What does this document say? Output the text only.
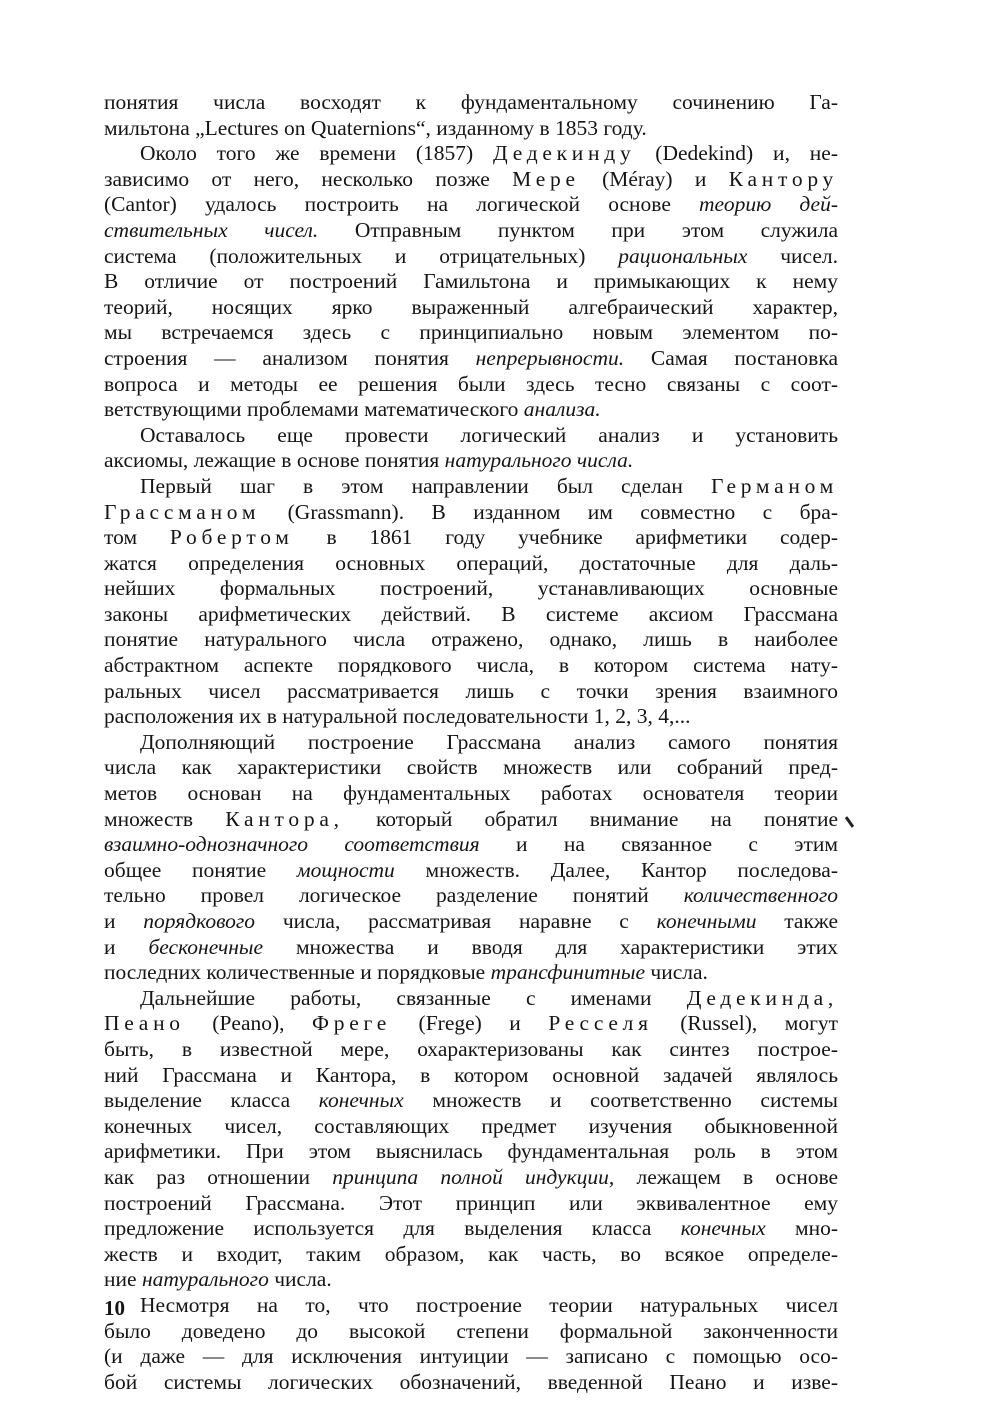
понятия числа восходят к фундаментальному сочинению Га-
мильтона „Lectures on Quaternions“, изданному в 1853 году.
Около того же времени (1857) Дедекинду (Dedekind) и, не-
зависимо от него, несколько позже Мере (Méray) и Кантору
(Cantor) удалось построить на логической основе теорию дей-
ствительных чисел. Отправным пунктом при этом служила
система (положительных и отрицательных) рациональных чисел.
В отличие от построений Гамильтона и примыкающих к нему
теорий, носящих ярко выраженный алгебраический характер,
мы встречаемся здесь с принципиально новым элементом по-
строения — анализом понятия непрерывности. Самая постановка
вопроса и методы ее решения были здесь тесно связаны с соот-
ветствующими проблемами математического анализа.
Оставалось еще провести логический анализ и установить
аксиомы, лежащие в основе понятия натурального числа.
Первый шаг в этом направлении был сделан Германом
Грассманом (Grassmann). В изданном им совместно с бра-
том Робертом в 1861 году учебнике арифметики содер-
жатся определения основных операций, достаточные для даль-
нейших формальных построений, устанавливающих основные
законы арифметических действий. В системе аксиом Грассмана
понятие натурального числа отражено, однако, лишь в наиболее
абстрактном аспекте порядкового числа, в котором система нату-
ральных чисел рассматривается лишь с точки зрения взаимного
расположения их в натуральной последовательности 1, 2, 3, 4,...
Дополняющий построение Грассмана анализ самого понятия
числа как характеристики свойств множеств или собраний пред-
метов основан на фундаментальных работах основателя теории
множеств Кантора, который обратил внимание на понятие
взаимно-однозначного соответствия и на связанное с этим
общее понятие мощности множеств. Далее, Кантор последова-
тельно провел логическое разделение понятий количественного
и порядкового числа, рассматривая наравне с конечными также
и бесконечные множества и вводя для характеристики этих
последних количественные и порядковые трансфинитные числа.
Дальнейшие работы, связанные с именами Дедекинда,
Пеано (Peano), Фреге (Frege) и Ресселя (Russel), могут
быть, в известной мере, охарактеризованы как синтез построе-
ний Грассмана и Кантора, в котором основной задачей являлось
выделение класса конечных множеств и соответственно системы
конечных чисел, составляющих предмет изучения обыкновенной
арифметики. При этом выяснилась фундаментальная роль в этом
как раз отношении принципа полной индукции, лежащем в основе
построений Грассмана. Этот принцип или эквивалентное ему
предложение используется для выделения класса конечных мно-
жеств и входит, таким образом, как часть, во всякое определе-
ние натурального числа.
Несмотря на то, что построение теории натуральных чисел
было доведено до высокой степени формальной законченности
(и даже — для исключения интуиции — записано с помощью осо-
бой системы логических обозначений, введенной Пеано и изве-
10
